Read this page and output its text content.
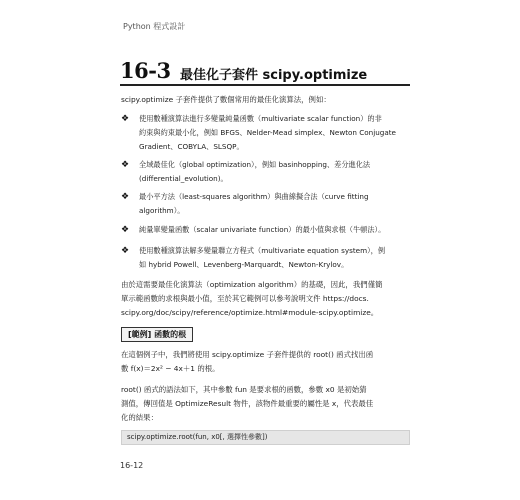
Python 程式設計
16-3 最佳化子套件 scipy.optimize
scipy.optimize 子套件提供了數個常用的最佳化演算法，例如：
❖ 使用數種演算法進行多變量純量函數（multivariate scalar function）的非
約束與約束最小化，例如 BFGS、Nelder-Mead simplex、Newton Conjugate
Gradient、COBYLA、SLSQP。
❖ 全域最佳化（global optimization），例如 basinhopping、差分進化法
(differential_evolution)。
❖ 最小平方法（least-squares algorithm）與曲線擬合法（curve fitting
algorithm）。
❖ 純量單變量函數（scalar univariate function）的最小值與求根（牛頓法）。
❖ 使用數種演算法解多變量聯立方程式（multivariate equation system），例
如 hybrid Powell、Levenberg-Marquardt、Newton-Krylov。
由於這需要最佳化演算法（optimization algorithm）的基礎，因此，我們僅簡
單示範函數的求根與最小值，至於其它範例可以參考說明文件 https://docs.
scipy.org/doc/scipy/reference/optimize.html#module-scipy.optimize。
[範例] 函數的根
在這個例子中，我們將使用 scipy.optimize 子套件提供的 root() 函式找出函
數 f(x)＝2x² − 4x＋1 的根。
root() 函式的語法如下，其中參數 fun 是要求根的函數，參數 x0 是初始猜
測值，傳回值是 OptimizeResult 物件，該物件最重要的屬性是 x，代表最佳
化的結果：
scipy.optimize.root(fun, x0[, 選擇性參數])
16-12
